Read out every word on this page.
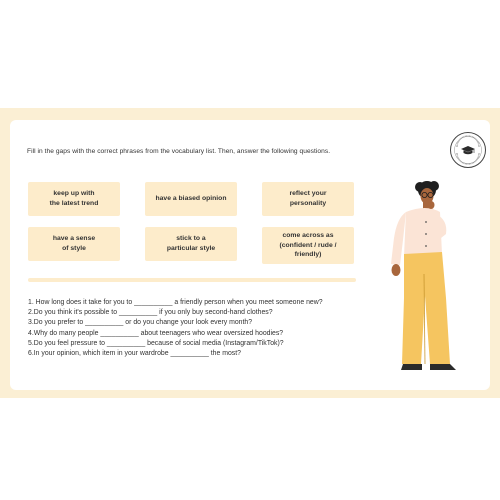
Fill in the gaps with the correct phrases from the vocabulary list. Then, answer the following questions.
keep up with
the latest trend
have a biased opinion
reflect your
personality
have a sense
of style
stick to a
particular style
come across as
(confident / rude /
friendly)
1. How long does it take for you to __________ a friendly person when you meet someone new?
2.Do you think it's possible to __________ if you only buy second-hand clothes?
3.Do you prefer to __________ or do you change your look every month?
4.Why do many people __________ about teenagers who wear oversized hoodies?
5.Do you feel pressure to __________ because of social media (Instagram/TikTok)?
6.In your opinion, which item in your wardrobe __________ the most?
